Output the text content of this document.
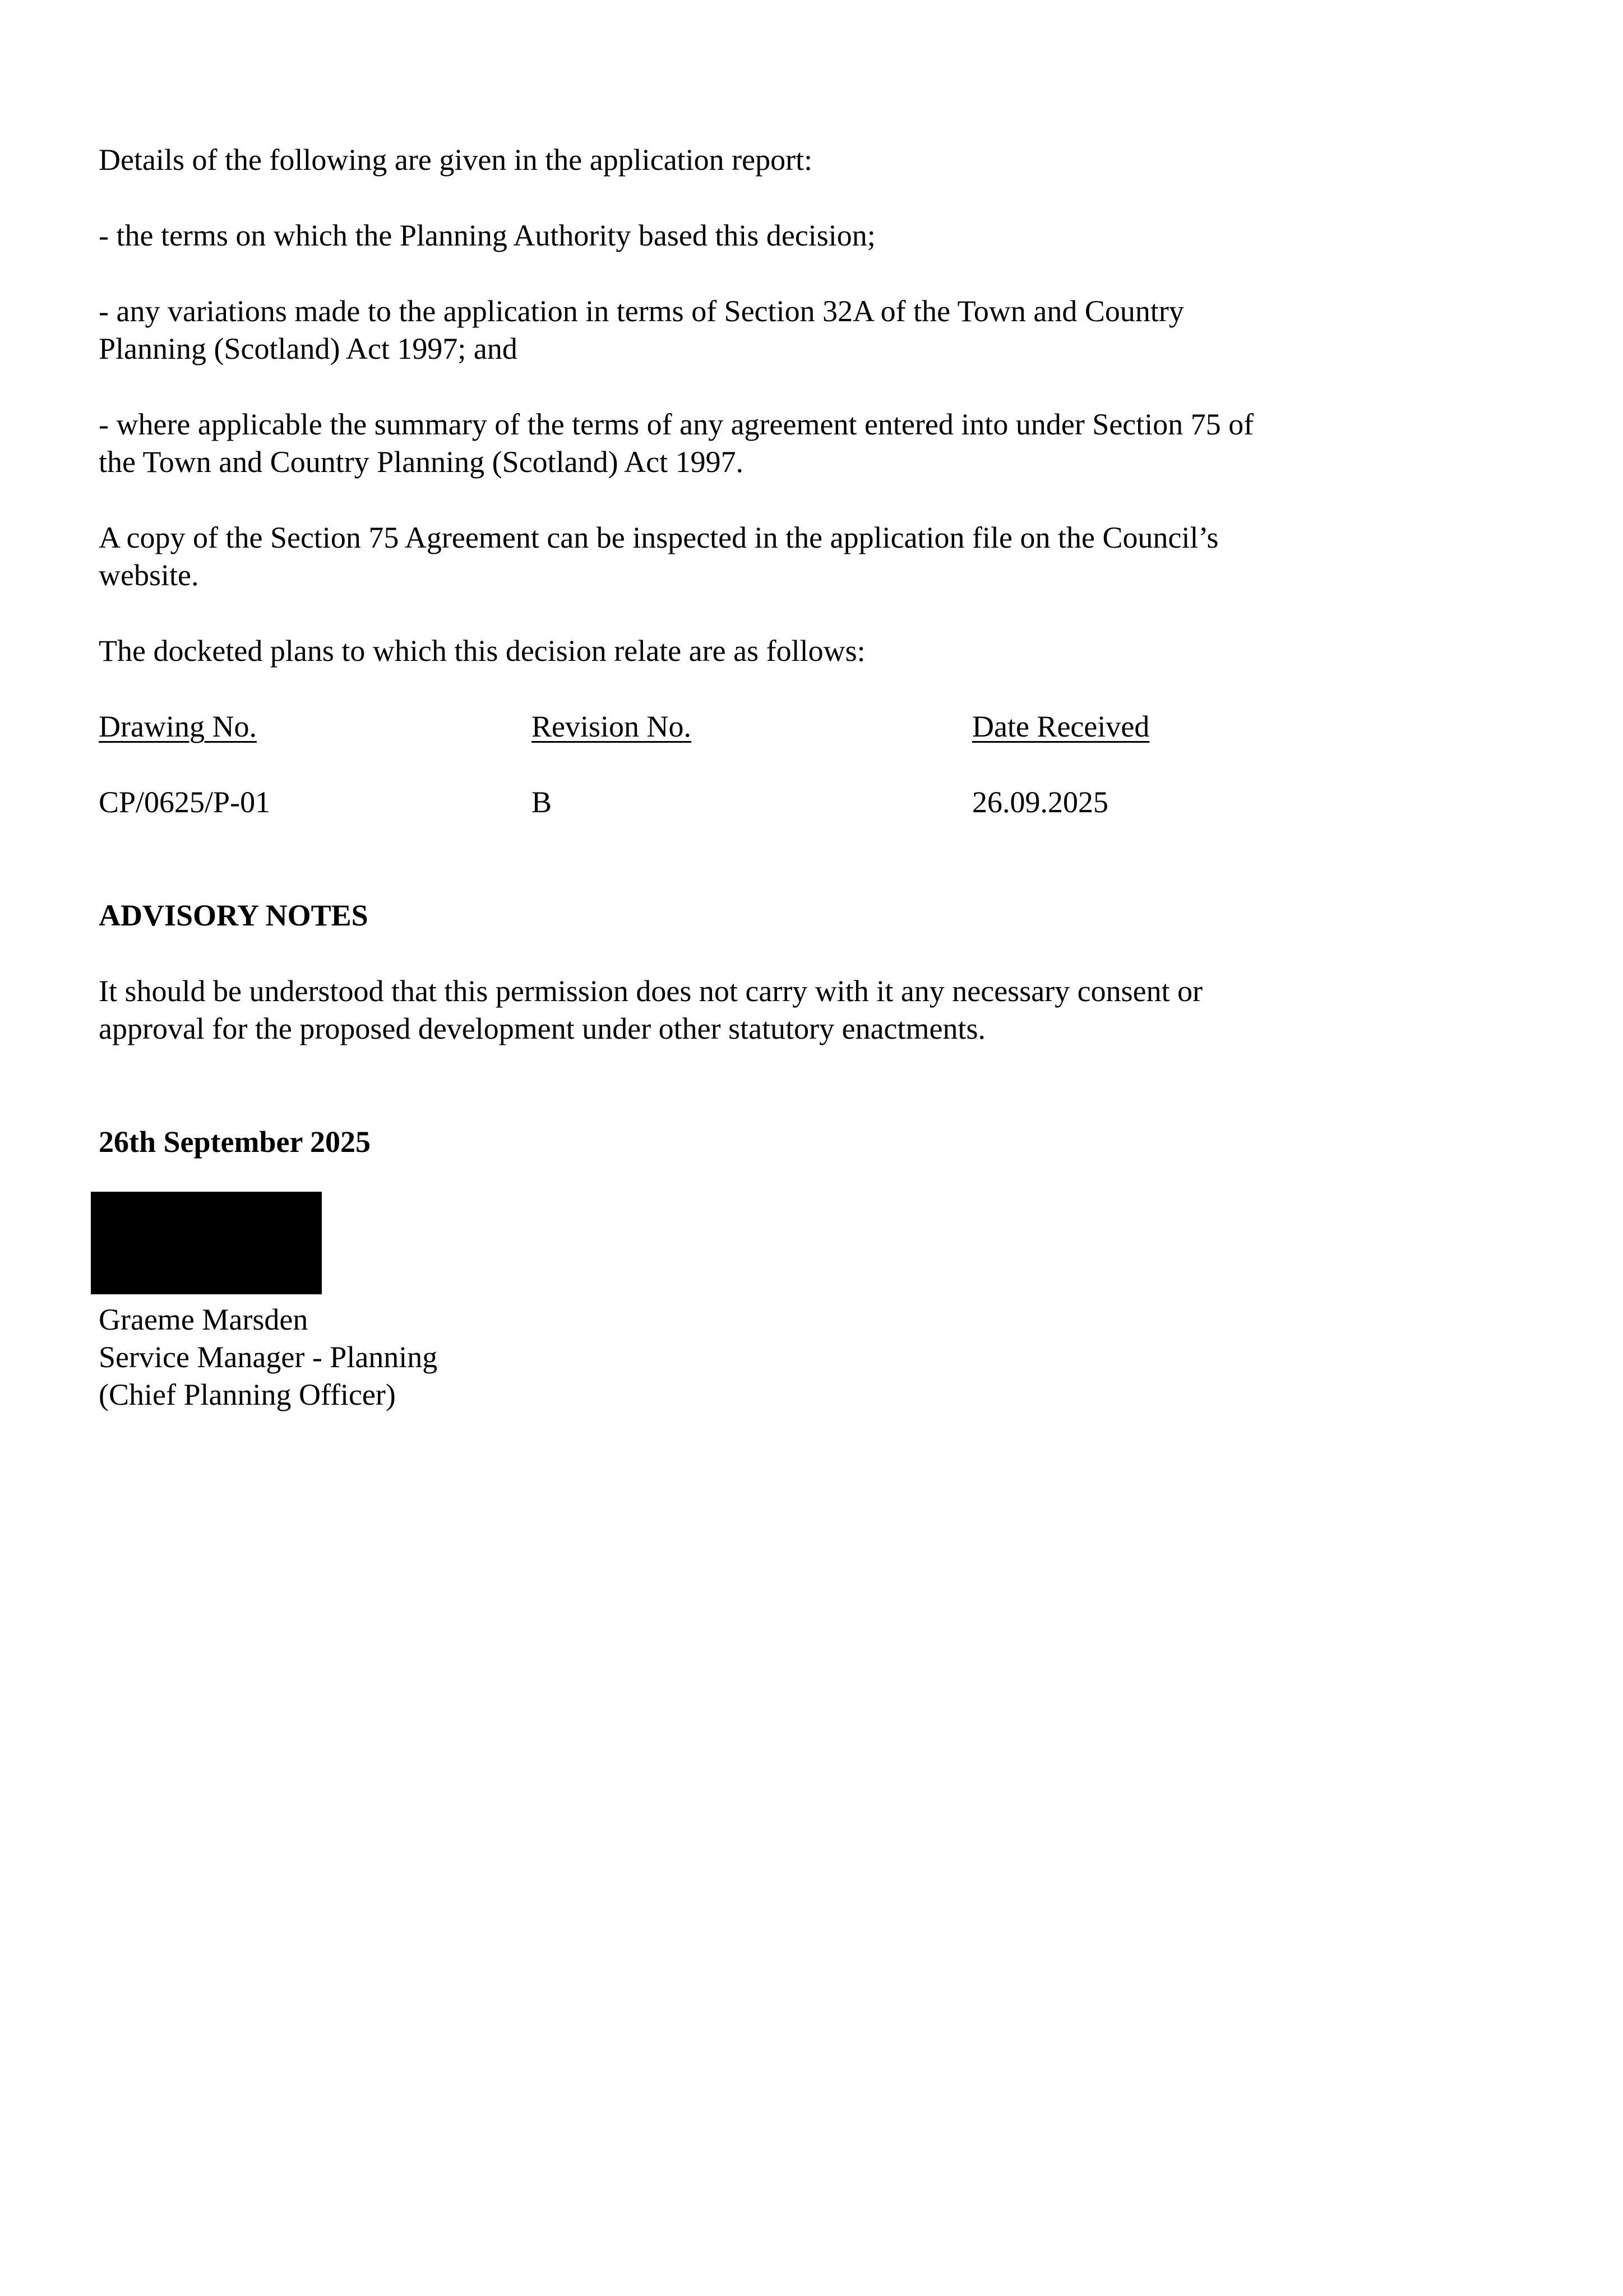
Details of the following are given in the application report:

- the terms on which the Planning Authority based this decision;

- any variations made to the application in terms of Section 32A of the Town and Country

Planning (Scotland) Act 1997; and

- where applicable the summary of the terms of any agreement entered into under Section 75 of

the Town and Country Planning (Scotland) Act 1997.

A copy of the Section 75 Agreement can be inspected in the application file on the Council’s

website.

The docketed plans to which this decision relate are as follows:

Drawing No.	Revision No.	Date Received

CP/0625/P-01	B	26.09.2025

ADVISORY NOTES

It should be understood that this permission does not carry with it any necessary consent or

approval for the proposed development under other statutory enactments.

26th September 2025

Graeme Marsden

Service Manager - Planning

(Chief Planning Officer)
